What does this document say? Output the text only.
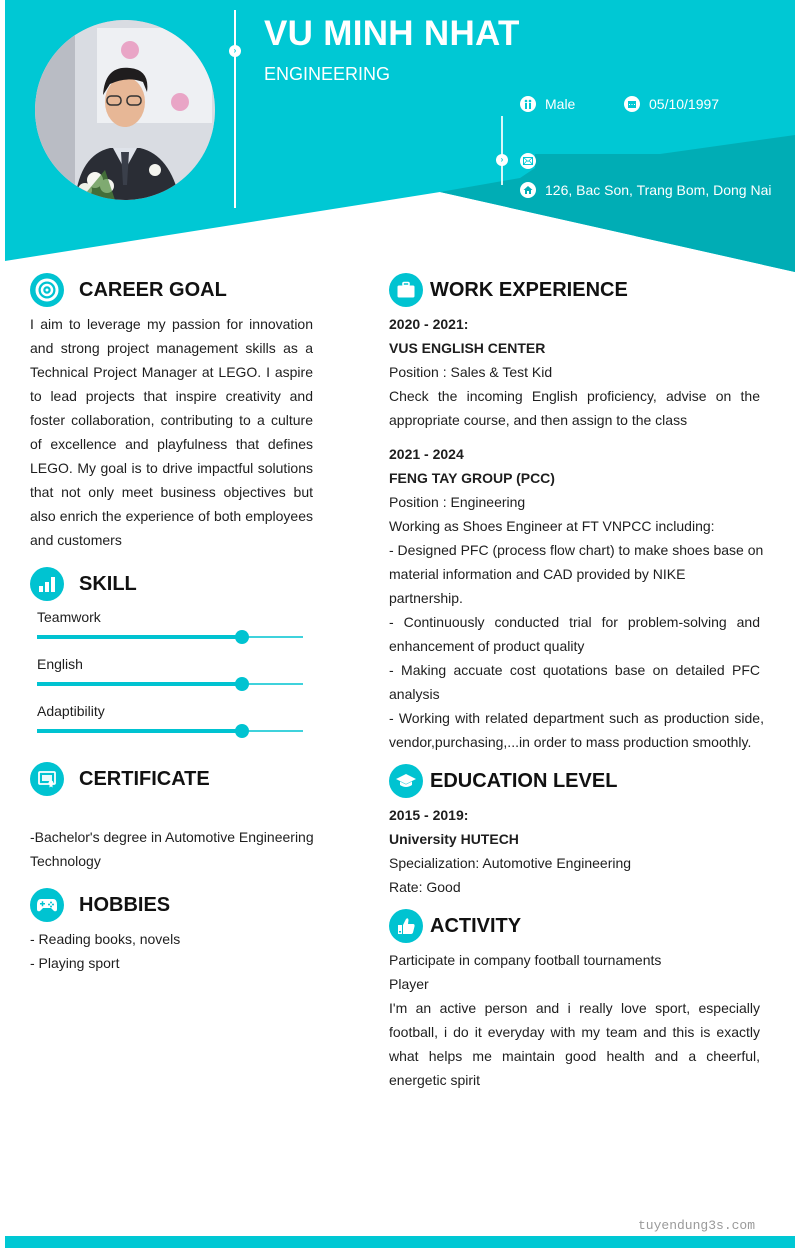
› VU MINH NHAT
ENGINEERING
›
Male	05/10/1997
126, Bac Son, Trang Bom, Dong Nai
CAREER GOAL
I aim to leverage my passion for innovation and strong project management skills as a Technical Project Manager at LEGO. I aspire to lead projects that inspire creativity and foster collaboration, contributing to a culture of excellence and playfulness that defines LEGO. My goal is to drive impactful solutions that not only meet business objectives but also enrich the experience of both employees and customers
SKILL
Teamwork
English
Adaptibility
CERTIFICATE
-Bachelor's degree in Automotive Engineering Technology
HOBBIES
- Reading books, novels
- Playing sport
WORK EXPERIENCE
2020 - 2021:
VUS ENGLISH CENTER
Position : Sales & Test Kid
Check the incoming English proficiency, advise on the appropriate course, and then assign to the class
2021 - 2024
FENG TAY GROUP (PCC)
Position : Engineering
Working as Shoes Engineer at FT VNPCC including:
- Designed PFC (process flow chart) to make shoes base on
material information and CAD provided by NIKE
partnership.
- Continuously conducted trial for problem-solving and enhancement of product quality
- Making accuate cost quotations base on detailed PFC analysis
- Working with related department such as production side, vendor,purchasing,...in order to mass production smoothly.
EDUCATION LEVEL
2015 - 2019:
University HUTECH
Specialization: Automotive Engineering
Rate: Good
ACTIVITY
Participate in company football tournaments
Player
I'm an active person and i really love sport, especially football, i do it everyday with my team and this is exactly what helps me maintain good health and a cheerful, energetic spirit
tuyendung3s.com
